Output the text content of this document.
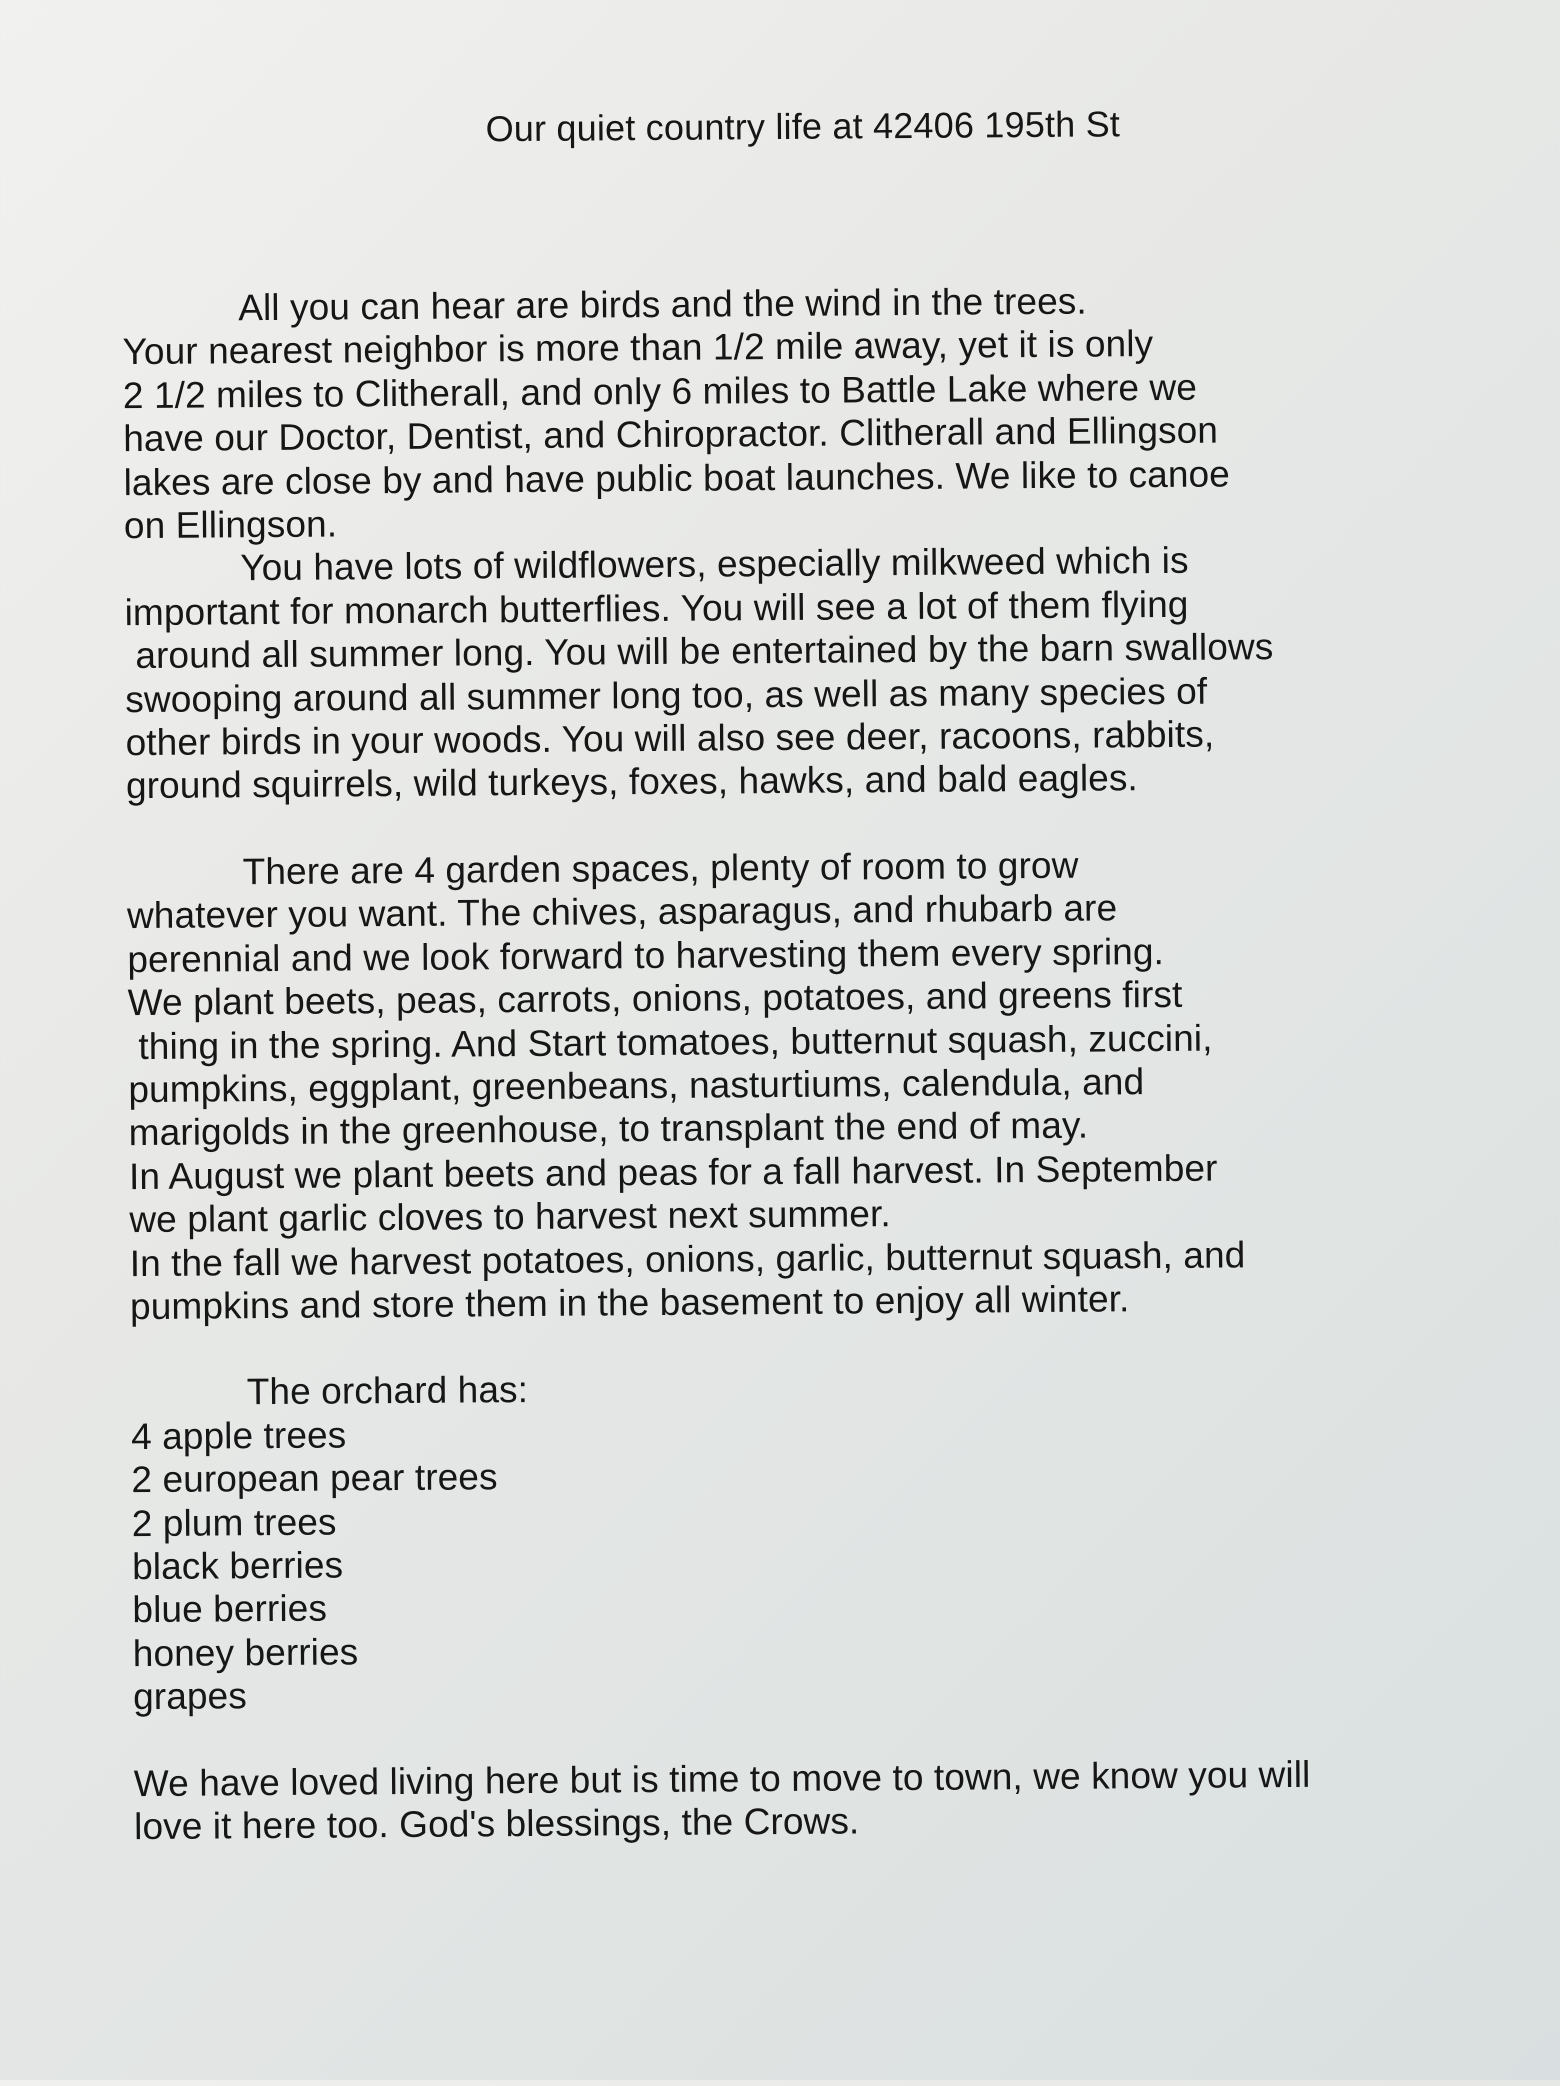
Our quiet country life at 42406 195th St

All you can hear are birds and the wind in the trees.
Your nearest neighbor is more than 1/2 mile away, yet it is only
2 1/2 miles to Clitherall, and only 6 miles to Battle Lake where we
have our Doctor, Dentist, and Chiropractor. Clitherall and Ellingson
lakes are close by and have public boat launches. We like to canoe
on Ellingson.

You have lots of wildflowers, especially milkweed which is
important for monarch butterflies. You will see a lot of them flying
around all summer long. You will be entertained by the barn swallows
swooping around all summer long too, as well as many species of
other birds in your woods. You will also see deer, racoons, rabbits,
ground squirrels, wild turkeys, foxes, hawks, and bald eagles.

There are 4 garden spaces, plenty of room to grow
whatever you want. The chives, asparagus, and rhubarb are
perennial and we look forward to harvesting them every spring.
We plant beets, peas, carrots, onions, potatoes, and greens first
thing in the spring. And Start tomatoes, butternut squash, zuccini,
pumpkins, eggplant, greenbeans, nasturtiums, calendula, and
marigolds in the greenhouse, to transplant the end of may.
In August we plant beets and peas for a fall harvest. In September
we plant garlic cloves to harvest next summer.
In the fall we harvest potatoes, onions, garlic, butternut squash, and
pumpkins and store them in the basement to enjoy all winter.

The orchard has:

4 apple trees
2 european pear trees
2 plum trees
black berries
blue berries
honey berries
grapes

We have loved living here but is time to move to town, we know you will
love it here too. God's blessings, the Crows.
